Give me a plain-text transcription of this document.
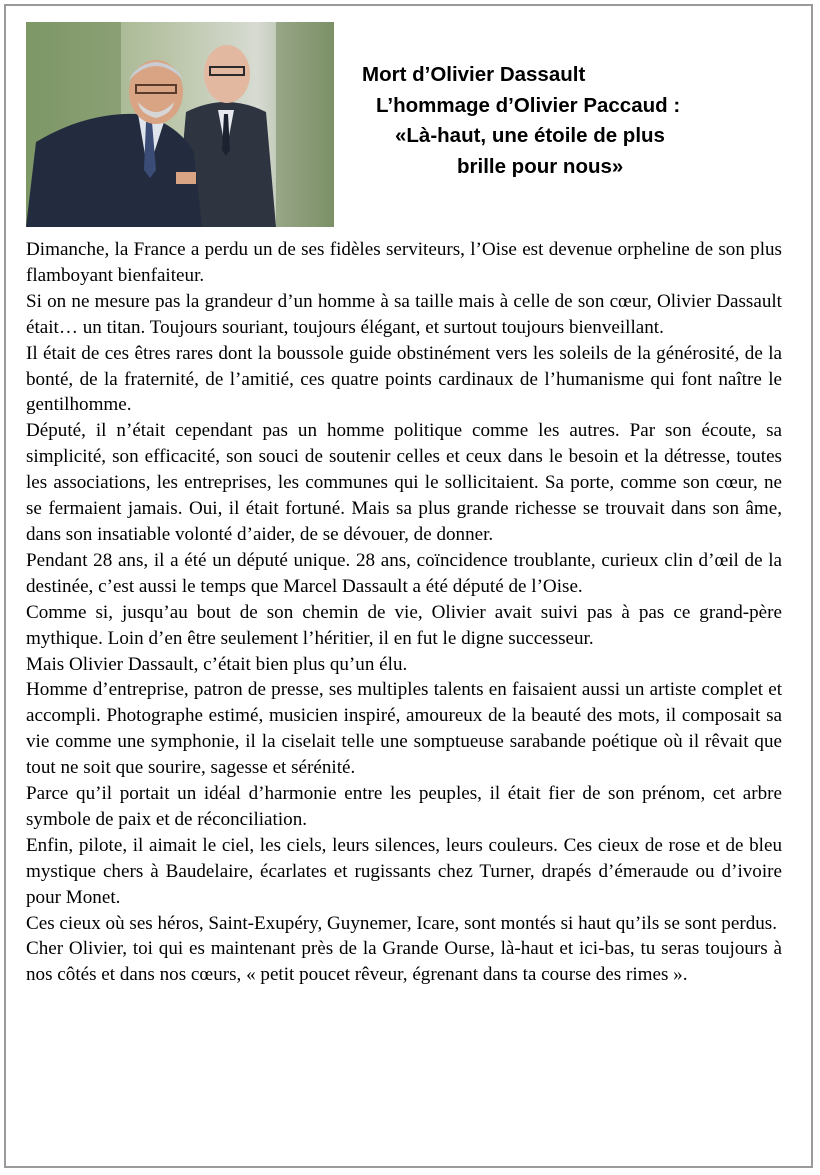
Mort d’Olivier Dassault
L’hommage d’Olivier Paccaud :
«Là-haut, une étoile de plus
brille pour nous»

Dimanche, la France a perdu un de ses fidèles serviteurs, l’Oise est devenue orpheline de son plus flamboyant bienfaiteur.

Si on ne mesure pas la grandeur d’un homme à sa taille mais à celle de son cœur, Olivier Dassault était… un titan. Toujours souriant, toujours élégant, et surtout toujours bienveillant.

Il était de ces êtres rares dont la boussole guide obstinément vers les soleils de la générosité, de la bonté, de la fraternité, de l’amitié, ces quatre points cardinaux de l’humanisme qui font naître le gentilhomme.

Député, il n’était cependant pas un homme politique comme les autres. Par son écoute, sa simplicité, son efficacité, son souci de soutenir celles et ceux dans le besoin et la détresse, toutes les associations, les entreprises, les communes qui le sollicitaient. Sa porte, comme son cœur, ne se fermaient jamais. Oui, il était fortuné. Mais sa plus grande richesse se trouvait dans son âme, dans son insatiable volonté d’aider, de se dévouer, de donner.

Pendant 28 ans, il a été un député unique. 28 ans, coïncidence troublante, curieux clin d’œil de la destinée, c’est aussi le temps que Marcel Dassault a été député de l’Oise.

Comme si, jusqu’au bout de son chemin de vie, Olivier avait suivi pas à pas ce grand-père mythique. Loin d’en être seulement l’héritier, il en fut le digne successeur.

Mais Olivier Dassault, c’était bien plus qu’un élu.

Homme d’entreprise, patron de presse, ses multiples talents en faisaient aussi un artiste complet et accompli. Photographe estimé, musicien inspiré, amoureux de la beauté des mots, il composait sa vie comme une symphonie, il la ciselait telle une somptueuse sarabande poétique où il rêvait que tout ne soit que sourire, sagesse et sérénité.

Parce qu’il portait un idéal d’harmonie entre les peuples, il était fier de son prénom, cet arbre symbole de paix et de réconciliation.

Enfin, pilote, il aimait le ciel, les ciels, leurs silences, leurs couleurs. Ces cieux de rose et de bleu mystique chers à Baudelaire, écarlates et rugissants chez Turner, drapés d’émeraude ou d’ivoire pour Monet.

Ces cieux où ses héros, Saint-Exupéry, Guynemer, Icare, sont montés si haut qu’ils se sont perdus.

Cher Olivier, toi qui es maintenant près de la Grande Ourse, là-haut et ici-bas, tu seras toujours à nos côtés et dans nos cœurs, « petit poucet rêveur, égrenant dans ta course des rimes ».
